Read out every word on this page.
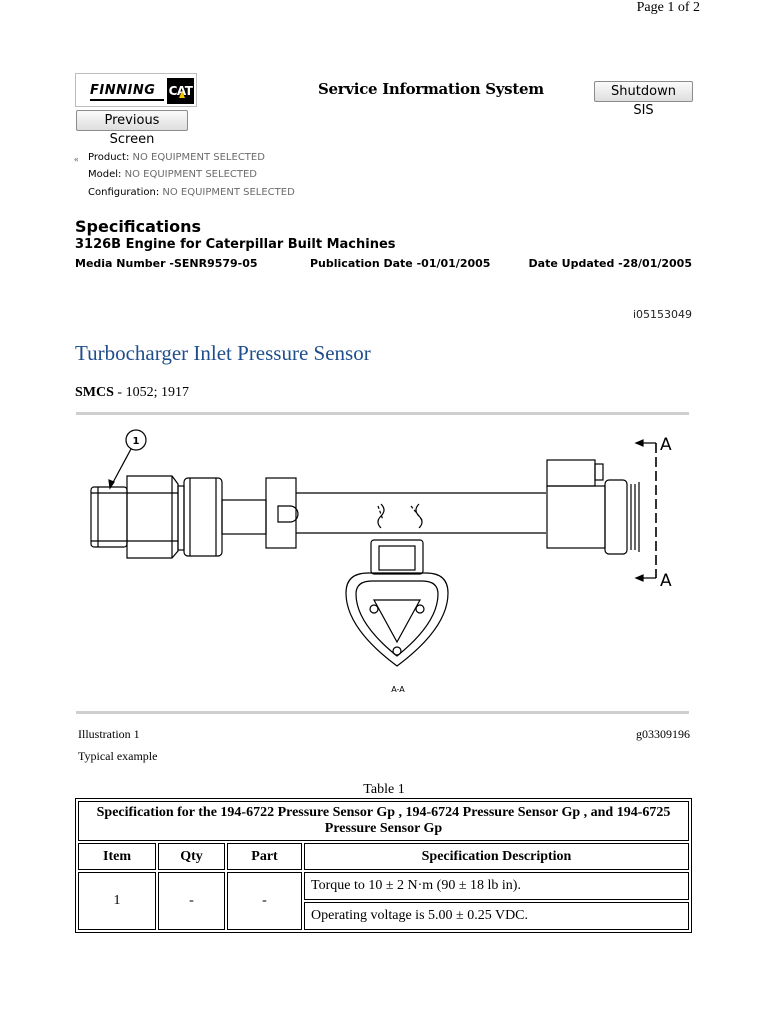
Page 1 of 2
FINNING CAT	Service Information System	Shutdown SIS
Previous Screen
« Product: NO EQUIPMENT SELECTED
Model: NO EQUIPMENT SELECTED
Configuration: NO EQUIPMENT SELECTED
Specifications
3126B Engine for Caterpillar Built Machines
Media Number -SENR9579-05	Publication Date -01/01/2005	Date Updated -28/01/2005
i05153049
Turbocharger Inlet Pressure Sensor
SMCS - 1052; 1917
1	A
A
A-A
Illustration 1	g03309196
Typical example
Table 1
Specification for the 194-6722 Pressure Sensor Gp , 194-6724 Pressure Sensor Gp , and 194-6725 Pressure Sensor Gp			
Item	Qty	Part	Specification Description
1	-	-	Torque to 10 ± 2 N·m (90 ± 18 lb in).
			Operating voltage is 5.00 ± 0.25 VDC.
